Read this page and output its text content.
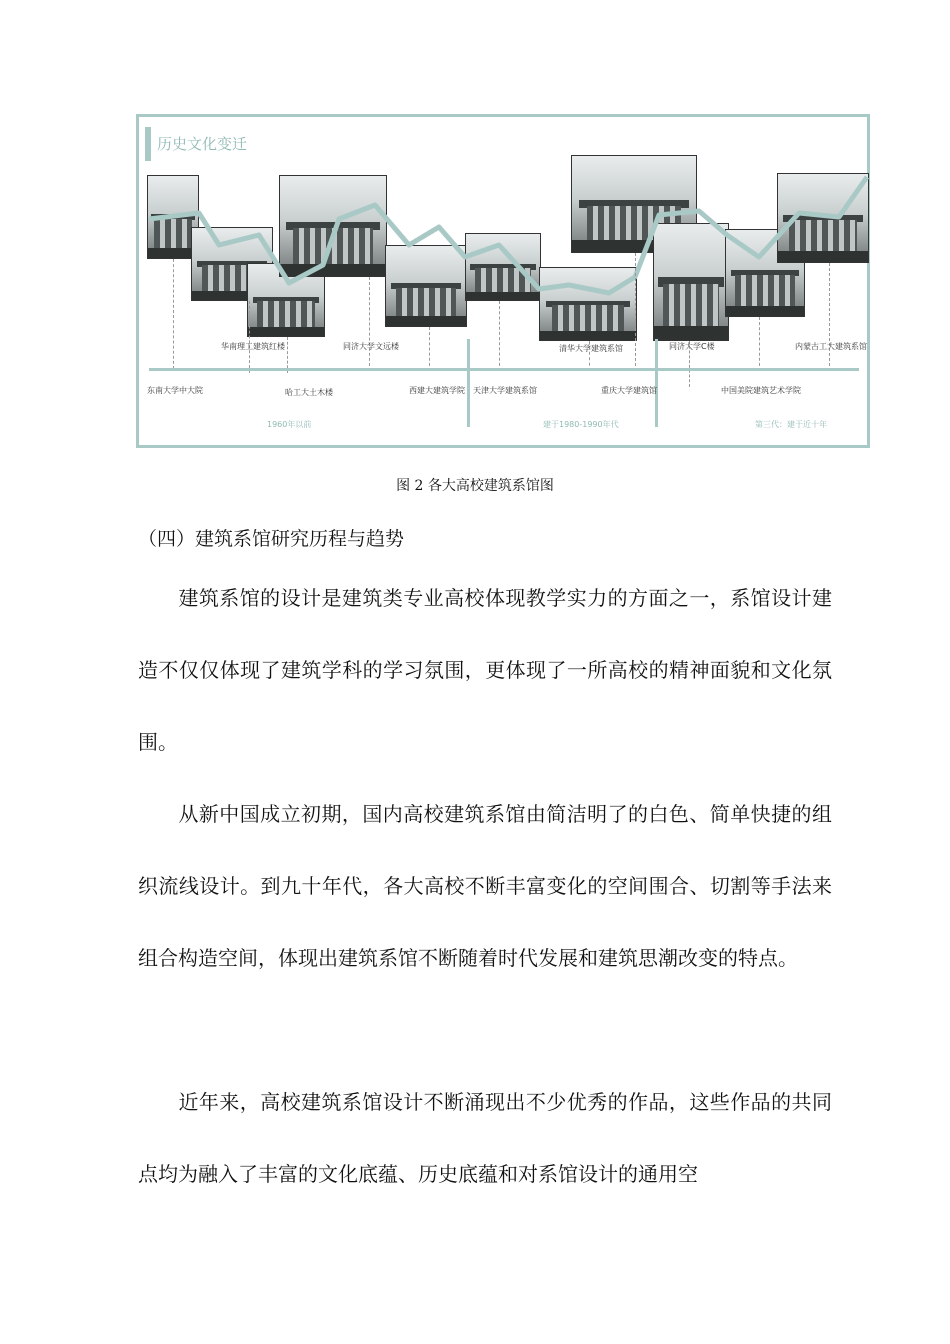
历史文化变迁
华南理工建筑红楼	同济大学文远楼	清华大学建筑系馆	同济大学C楼	内蒙古工大建筑系馆
东南大学中大院	哈工大土木楼	西建大建筑学院 天津大学建筑系馆	重庆大学建筑馆	中国美院建筑艺术学院
1960年以前	建于1980-1990年代	第三代：建于近十年
图 2 各大高校建筑系馆图
（四）建筑系馆研究历程与趋势
建筑系馆的设计是建筑类专业高校体现教学实力的方面之一，系馆设计建造不仅仅体现了建筑学科的学习氛围，更体现了一所高校的精神面貌和文化氛围。
从新中国成立初期，国内高校建筑系馆由简洁明了的白色、简单快捷的组织流线设计。到九十年代，各大高校不断丰富变化的空间围合、切割等手法来组合构造空间，体现出建筑系馆不断随着时代发展和建筑思潮改变的特点。
近年来，高校建筑系馆设计不断涌现出不少优秀的作品，这些作品的共同点均为融入了丰富的文化底蕴、历史底蕴和对系馆设计的通用空
